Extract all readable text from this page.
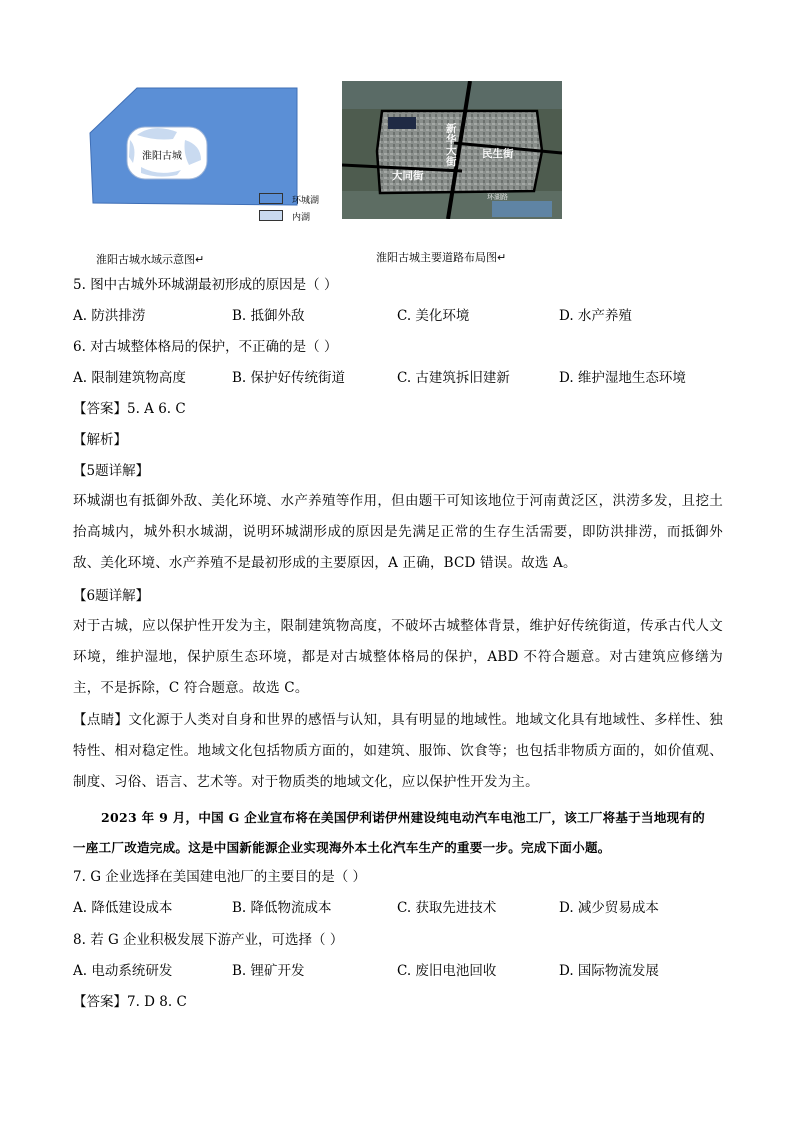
淮阳古城
环城湖
内湖
新华大街
民生街
大同街
环湖路
淮阳古城水域示意图↵	淮阳古城主要道路布局图↵
5. 图中古城外环城湖最初形成的原因是（ ）
A. 防洪排涝	B. 抵御外敌	C. 美化环境	D. 水产养殖
6. 对古城整体格局的保护，不正确的是（ ）
A. 限制建筑物高度	B. 保护好传统街道	C. 古建筑拆旧建新	D. 维护湿地生态环境
【答案】5. A 6. C
【解析】
【5题详解】
环城湖也有抵御外敌、美化环境、水产养殖等作用，但由题干可知该地位于河南黄泛区，洪涝多发，且挖土抬高城内，城外积水城湖，说明环城湖形成的原因是先满足正常的生存生活需要，即防洪排涝，而抵御外敌、美化环境、水产养殖不是最初形成的主要原因，A 正确，BCD 错误。故选 A。
【6题详解】
对于古城，应以保护性开发为主，限制建筑物高度，不破坏古城整体背景，维护好传统街道，传承古代人文环境，维护湿地，保护原生态环境，都是对古城整体格局的保护，ABD 不符合题意。对古建筑应修缮为主，不是拆除，C 符合题意。故选 C。
【点睛】文化源于人类对自身和世界的感悟与认知，具有明显的地域性。地域文化具有地域性、多样性、独特性、相对稳定性。地域文化包括物质方面的，如建筑、服饰、饮食等；也包括非物质方面的，如价值观、制度、习俗、语言、艺术等。对于物质类的地域文化，应以保护性开发为主。
2023 年 9 月，中国 G 企业宣布将在美国伊利诺伊州建设纯电动汽车电池工厂，该工厂将基于当地现有的
一座工厂改造完成。这是中国新能源企业实现海外本土化汽车生产的重要一步。完成下面小题。
7. G 企业选择在美国建电池厂的主要目的是（ ）
A. 降低建设成本	B. 降低物流成本	C. 获取先进技术	D. 减少贸易成本
8. 若 G 企业积极发展下游产业，可选择（ ）
A. 电动系统研发	B. 锂矿开发	C. 废旧电池回收	D. 国际物流发展
【答案】7. D 8. C
